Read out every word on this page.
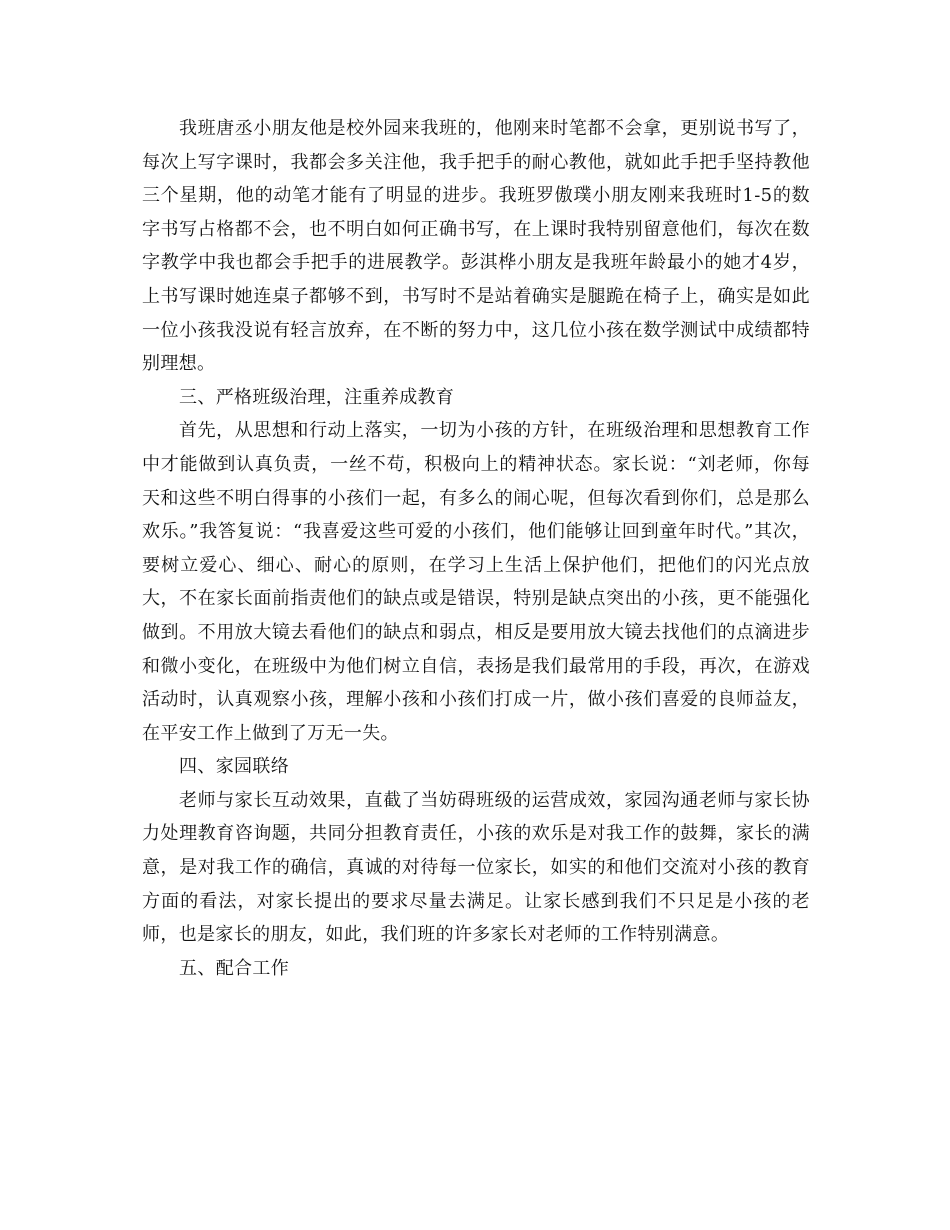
我班唐丞小朋友他是校外园来我班的，他刚来时笔都不会拿，更别说书写了，每次上写字课时，我都会多关注他，我手把手的耐心教他，就如此手把手坚持教他三个星期，他的动笔才能有了明显的进步。我班罗傲璞小朋友刚来我班时1-5的数字书写占格都不会，也不明白如何正确书写，在上课时我特别留意他们，每次在数字教学中我也都会手把手的进展教学。彭淇桦小朋友是我班年龄最小的她才4岁，上书写课时她连桌子都够不到，书写时不是站着确实是腿跪在椅子上，确实是如此一位小孩我没说有轻言放弃，在不断的努力中，这几位小孩在数学测试中成绩都特别理想。

三、严格班级治理，注重养成教育

首先，从思想和行动上落实，一切为小孩的方针，在班级治理和思想教育工作中才能做到认真负责，一丝不苟，积极向上的精神状态。家长说：“刘老师，你每天和这些不明白得事的小孩们一起，有多么的闹心呢，但每次看到你们，总是那么欢乐。”我答复说：“我喜爱这些可爱的小孩们，他们能够让回到童年时代。”其次，要树立爱心、细心、耐心的原则，在学习上生活上保护他们，把他们的闪光点放大，不在家长面前指责他们的缺点或是错误，特别是缺点突出的小孩，更不能强化做到。不用放大镜去看他们的缺点和弱点，相反是要用放大镜去找他们的点滴进步和微小变化，在班级中为他们树立自信，表扬是我们最常用的手段，再次，在游戏活动时，认真观察小孩，理解小孩和小孩们打成一片，做小孩们喜爱的良师益友，在平安工作上做到了万无一失。

四、家园联络

老师与家长互动效果，直截了当妨碍班级的运营成效，家园沟通老师与家长协力处理教育咨询题，共同分担教育责任，小孩的欢乐是对我工作的鼓舞，家长的满意，是对我工作的确信，真诚的对待每一位家长，如实的和他们交流对小孩的教育方面的看法，对家长提出的要求尽量去满足。让家长感到我们不只足是小孩的老师，也是家长的朋友，如此，我们班的许多家长对老师的工作特别满意。

五、配合工作
